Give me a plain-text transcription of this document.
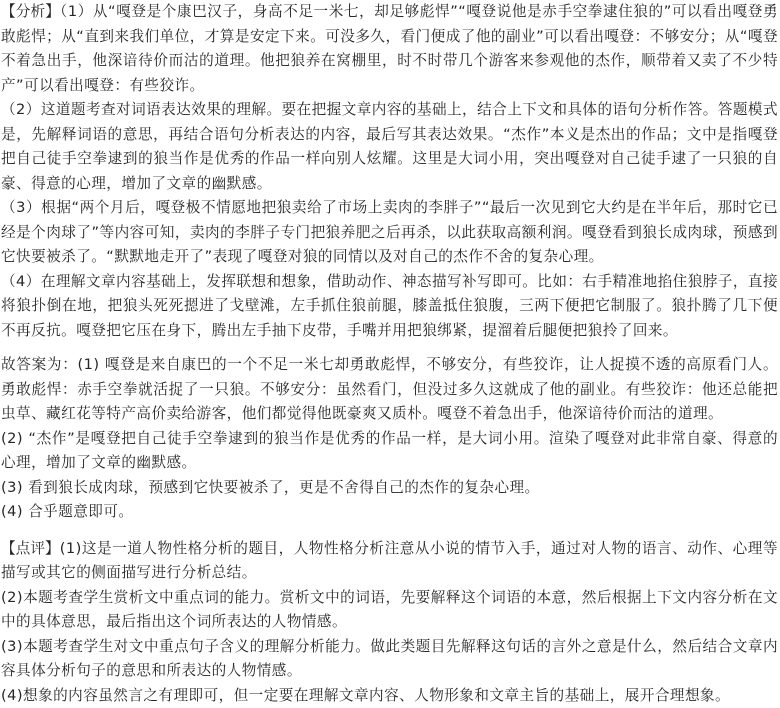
【分析】（1）从“嘎登是个康巴汉子，身高不足一米七，却足够彪悍”“嘎登说他是赤手空拳逮住狼的”可以看出嘎登勇敢彪悍；从“直到来我们单位，才算是安定下来。可没多久，看门便成了他的副业”可以看出嘎登：不够安分；从“嘎登不着急出手，他深谙待价而沽的道理。他把狼养在窝棚里，时不时带几个游客来参观他的杰作，顺带着又卖了不少特产”可以看出嘎登：有些狡诈。

（2）这道题考查对词语表达效果的理解。要在把握文章内容的基础上，结合上下文和具体的语句分析作答。答题模式是，先解释词语的意思，再结合语句分析表达的内容，最后写其表达效果。“杰作”本义是杰出的作品；文中是指嘎登把自己徒手空拳逮到的狼当作是优秀的作品一样向别人炫耀。这里是大词小用，突出嘎登对自己徒手逮了一只狼的自豪、得意的心理，增加了文章的幽默感。

（3）根据“两个月后，嘎登极不情愿地把狼卖给了市场上卖肉的李胖子”“最后一次见到它大约是在半年后，那时它已经是个肉球了”等内容可知，卖肉的李胖子专门把狼养肥之后再杀，以此获取高额利润。嘎登看到狼长成肉球，预感到它快要被杀了。“默默地走开了”表现了嘎登对狼的同情以及对自己的杰作不舍的复杂心理。

（4）在理解文章内容基础上，发挥联想和想象，借助动作、神态描写补写即可。比如：右手精准地掐住狼脖子，直接将狼扑倒在地，把狼头死死摁进了戈壁滩，左手抓住狼前腿，膝盖抵住狼腹，三两下便把它制服了。狼扑腾了几下便不再反抗。嘎登把它压在身下，腾出左手抽下皮带，手嘴并用把狼绑紧，提溜着后腿便把狼拎了回来。

故答案为：(1) 嘎登是来自康巴的一个不足一米七却勇敢彪悍，不够安分，有些狡诈，让人捉摸不透的高原看门人。勇敢彪悍：赤手空拳就活捉了一只狼。不够安分：虽然看门，但没过多久这就成了他的副业。有些狡诈：他还总能把虫草、藏红花等特产高价卖给游客，他们都觉得他既豪爽又质朴。嘎登不着急出手，他深谙待价而沽的道理。

(2) “杰作”是嘎登把自己徒手空拳逮到的狼当作是优秀的作品一样，是大词小用。渲染了嘎登对此非常自豪、得意的心理，增加了文章的幽默感。

(3) 看到狼长成肉球，预感到它快要被杀了，更是不舍得自己的杰作的复杂心理。

(4) 合乎题意即可。

【点评】(1)这是一道人物性格分析的题目，人物性格分析注意从小说的情节入手，通过对人物的语言、动作、心理等描写或其它的侧面描写进行分析总结。

(2)本题考查学生赏析文中重点词的能力。赏析文中的词语，先要解释这个词语的本意，然后根据上下文内容分析在文中的具体意思，最后指出这个词所表达的人物情感。

(3)本题考查学生对文中重点句子含义的理解分析能力。做此类题目先解释这句话的言外之意是什么，然后结合文章内容具体分析句子的意思和所表达的人物情感。

(4)想象的内容虽然言之有理即可，但一定要在理解文章内容、人物形象和文章主旨的基础上，展开合理想象。
